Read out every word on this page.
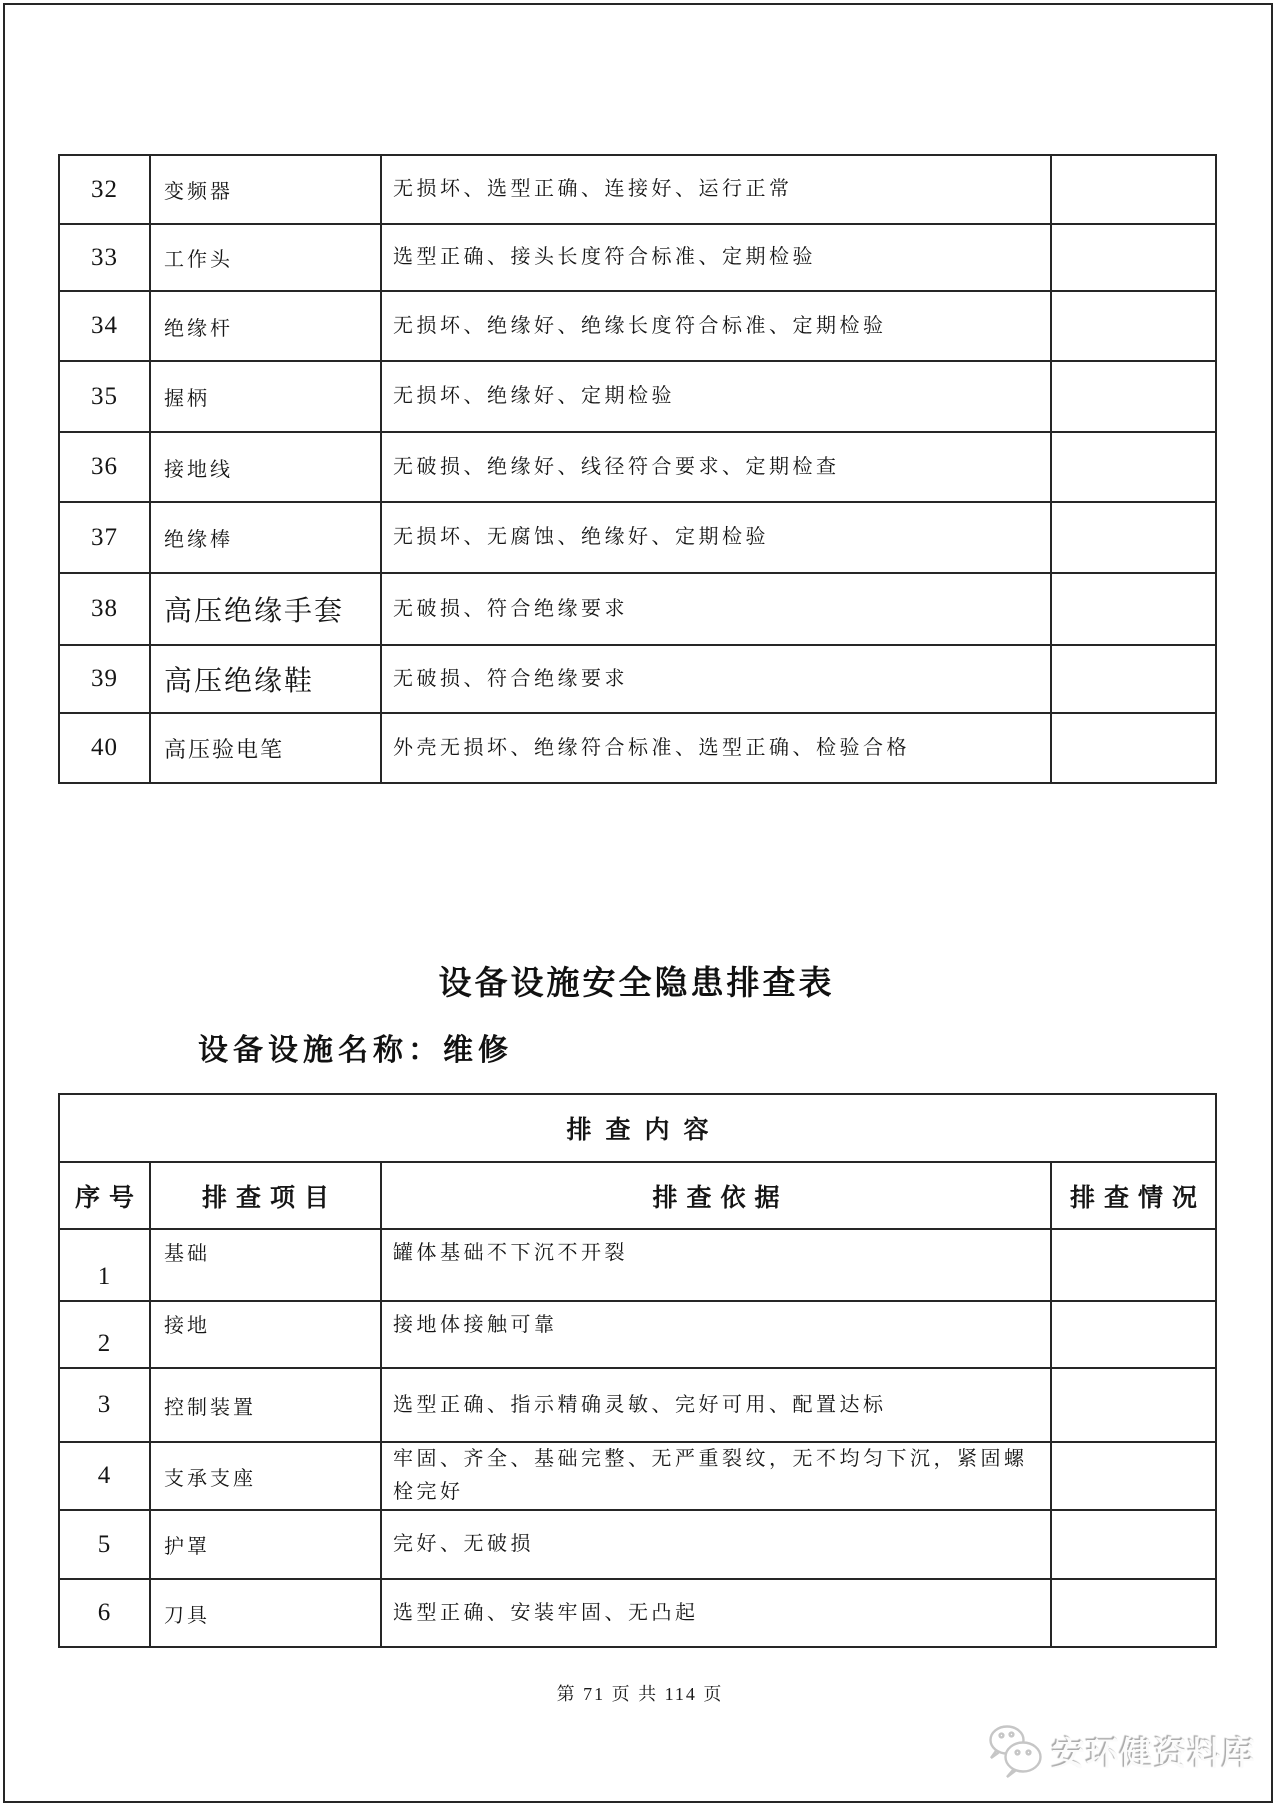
32	变频器	无损坏、选型正确、连接好、运行正常	
33	工作头	选型正确、接头长度符合标准、定期检验	
34	绝缘杆	无损坏、绝缘好、绝缘长度符合标准、定期检验	
35	握柄	无损坏、绝缘好、定期检验	
36	接地线	无破损、绝缘好、线径符合要求、定期检查	
37	绝缘棒	无损坏、无腐蚀、绝缘好、定期检验	
38	高压绝缘手套	无破损、符合绝缘要求	
39	高压绝缘鞋	无破损、符合绝缘要求	
40	高压验电笔	外壳无损坏、绝缘符合标准、选型正确、检验合格	
设备设施安全隐患排查表
设备设施名称：维修
排查内容			
序号	排查项目	排查依据	排查情况
1	基础	罐体基础不下沉不开裂	
2	接地	接地体接触可靠	
3	控制装置	选型正确、指示精确灵敏、完好可用、配置达标	
4	支承支座	牢固、齐全、基础完整、无严重裂纹，无不均匀下沉，紧固螺栓完好	
5	护罩	完好、无破损	
6	刀具	选型正确、安装牢固、无凸起	
第 71 页 共 114 页
安环健资料库
